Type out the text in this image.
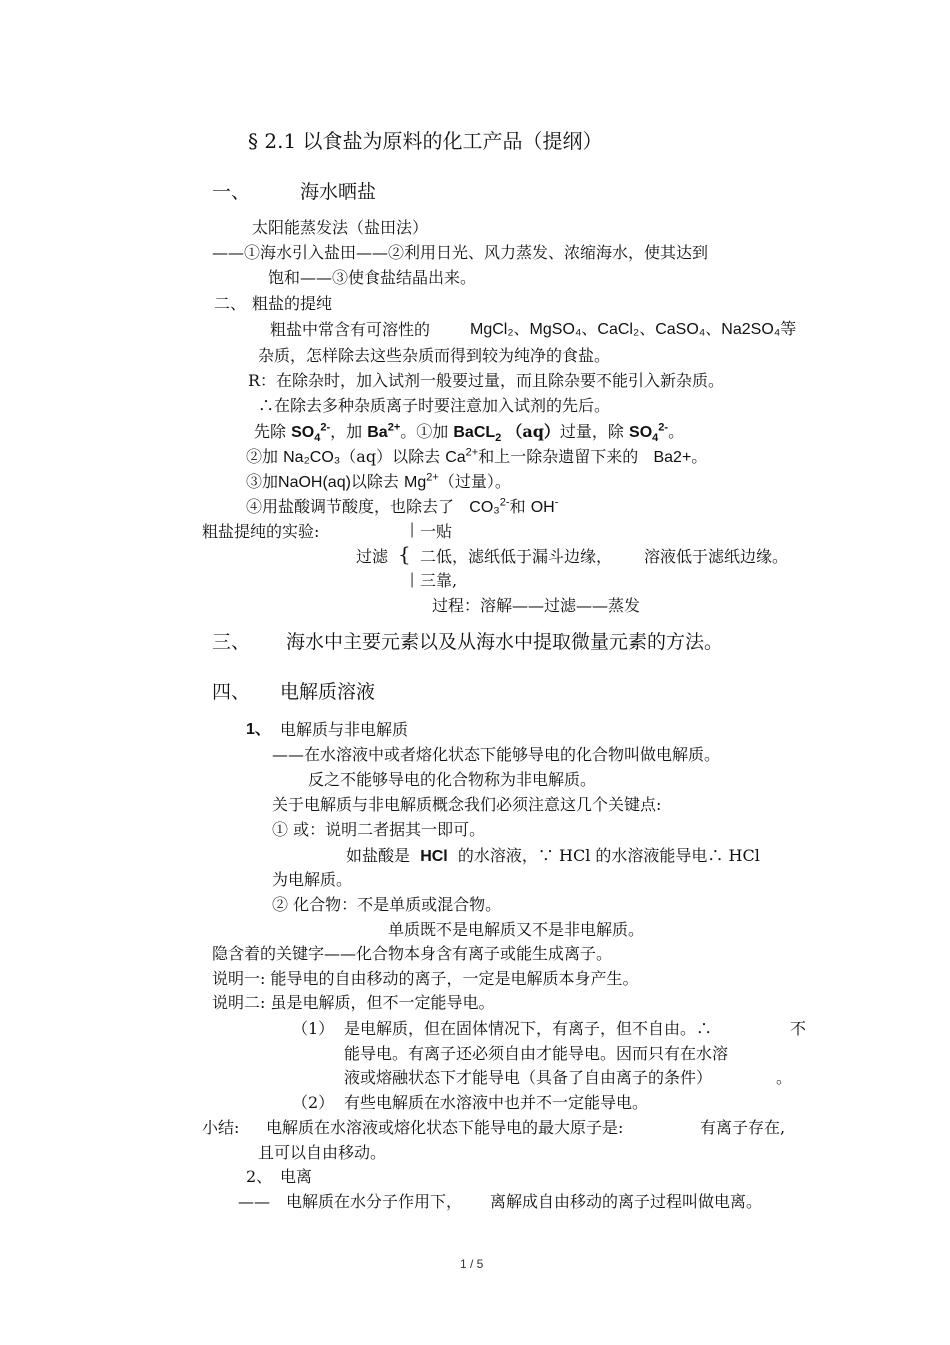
§ 2.1 以食盐为原料的化工产品（提纲）
一、	海水晒盐
太阳能蒸发法（盐田法）
——①海水引入盐田——②利用日光、风力蒸发、浓缩海水，使其达到
饱和——③使食盐结晶出来。
二、 粗盐的提纯
粗盐中常含有可溶性的 MgCl₂、MgSO₄、CaCl₂、CaSO₄、Na2SO₄等
杂质，怎样除去这些杂质而得到较为纯净的食盐。
R：在除杂时，加入试剂一般要过量，而且除杂要不能引入新杂质。
∴在除去多种杂质离子时要注意加入试剂的先后。
先除 $SO_4^{2-}$，加 $Ba^{2+}$。①加 BaCL$_2$ （aq）过量，除 $SO_4^{2-}$。
②加 Na₂CO₃（aq）以除去 $Ca^{2+}$和上一除杂遗留下来的 Ba2+。
③加NaOH(aq)以除去 $Mg^{2+}$（过量）。
④用盐酸调节酸度，也除去了 CO₃$^{2-}$和 OH-
粗盐提纯的实验:	| 一贴
过滤 { 二低，滤纸低于漏斗边缘， 溶液低于滤纸边缘。
| 三靠,
过程：溶解——过滤——蒸发
三、 海水中主要元素以及从海水中提取微量元素的方法。
四、 电解质溶液
1、 电解质与非电解质
——在水溶液中或者熔化状态下能够导电的化合物叫做电解质。
反之不能够导电的化合物称为非电解质。
关于电解质与非电解质概念我们必须注意这几个关键点:
① 或：说明二者据其一即可。
如盐酸是 HCl 的水溶液，∵ HCl 的水溶液能导电∴ HCl
为电解质。
② 化合物：不是单质或混合物。
单质既不是电解质又不是非电解质。
隐含着的关键字——化合物本身含有离子或能生成离子。
说明一: 能导电的自由移动的离子，一定是电解质本身产生。
说明二: 虽是电解质，但不一定能导电。
（1） 是电解质，但在固体情况下，有离子，但不自由。∴	不
能导电。有离子还必须自由才能导电。因而只有在水溶
液或熔融状态下才能导电（具备了自由离子的条件）	。
（2） 有些电解质在水溶液中也并不一定能导电。
小结: 电解质在水溶液或熔化状态下能导电的最大原子是:	有离子存在,
且可以自由移动。
2、 电离
—— 电解质在水分子作用下， 离解成自由移动的离子过程叫做电离。
1 / 5
